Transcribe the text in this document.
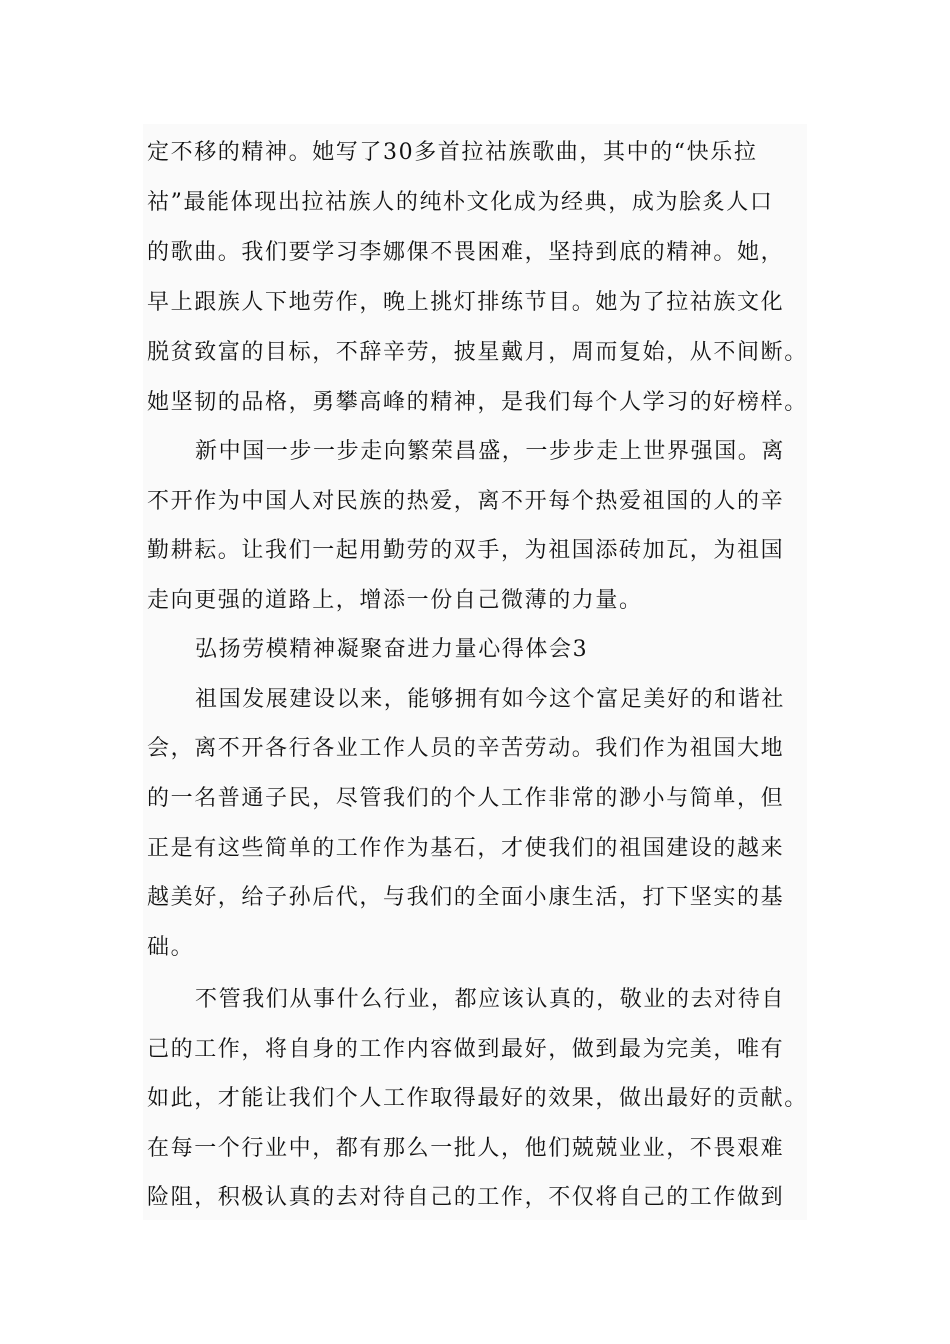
定不移的精神。她写了30多首拉祜族歌曲，其中的“快乐拉
祜”最能体现出拉祜族人的纯朴文化成为经典，成为脍炙人口
的歌曲。我们要学习李娜倮不畏困难，坚持到底的精神。她，
早上跟族人下地劳作，晚上挑灯排练节目。她为了拉祜族文化
脱贫致富的目标，不辞辛劳，披星戴月，周而复始，从不间断。
她坚韧的品格，勇攀高峰的精神，是我们每个人学习的好榜样。
新中国一步一步走向繁荣昌盛，一步步走上世界强国。离
不开作为中国人对民族的热爱，离不开每个热爱祖国的人的辛
勤耕耘。让我们一起用勤劳的双手，为祖国添砖加瓦，为祖国
走向更强的道路上，增添一份自己微薄的力量。
弘扬劳模精神凝聚奋进力量心得体会3
祖国发展建设以来，能够拥有如今这个富足美好的和谐社
会，离不开各行各业工作人员的辛苦劳动。我们作为祖国大地
的一名普通子民，尽管我们的个人工作非常的渺小与简单，但
正是有这些简单的工作作为基石，才使我们的祖国建设的越来
越美好，给子孙后代，与我们的全面小康生活，打下坚实的基
础。
不管我们从事什么行业，都应该认真的，敬业的去对待自
己的工作，将自身的工作内容做到最好，做到最为完美，唯有
如此，才能让我们个人工作取得最好的效果，做出最好的贡献。
在每一个行业中，都有那么一批人，他们兢兢业业，不畏艰难
险阻，积极认真的去对待自己的工作，不仅将自己的工作做到
